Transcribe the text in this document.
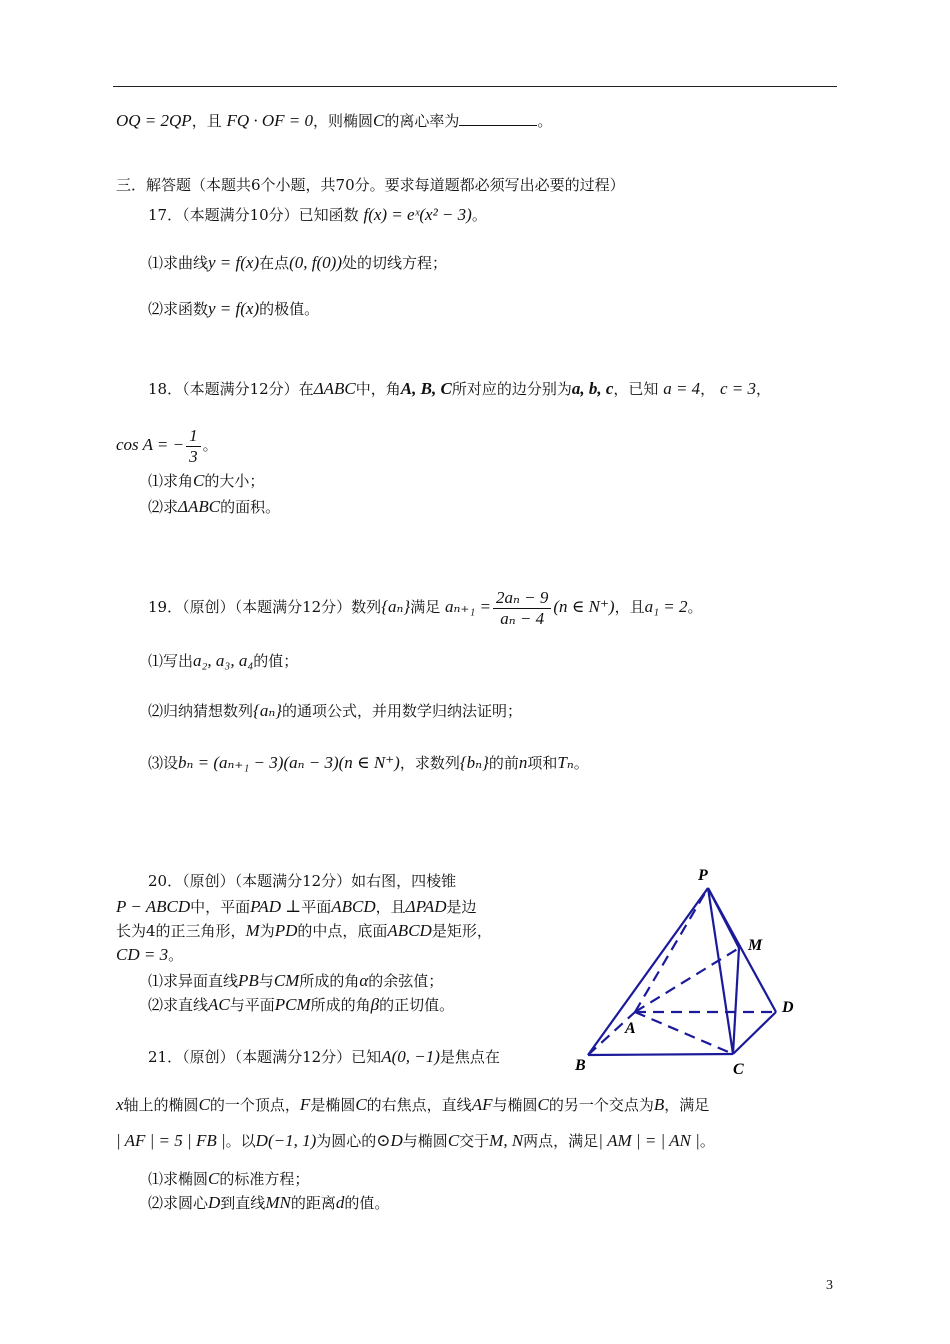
OQ = 2QP，且 FQ · OF = 0，则椭圆C的离心率为	。
三．解答题（本题共6个小题，共70分。要求每道题都必须写出必要的过程）
17．（本题满分10分）已知函数 f(x) = eˣ(x² − 3)。
⑴求曲线y = f(x)在点(0, f(0))处的切线方程；
⑵求函数y = f(x)的极值。
18．（本题满分12分）在ΔABC中，角A, B, C所对应的边分别为a, b, c，已知 a = 4， c = 3，
cos A = − $\frac{1}{3}$ 。
⑴求角C的大小；
⑵求ΔABC的面积。
19．（原创）（本题满分12分）数列{aₙ}满足 $a_{n+1} = \frac{\text{2aₙ − 9}}{\text{aₙ − 4}} (n$ ∈ N⁺)，且a₁ = 2。
⑴写出a₂, a₃, a₄的值；
⑵归纳猜想数列{aₙ}的通项公式，并用数学归纳法证明；
⑶设bₙ = (aₙ₊₁ − 3)(aₙ − 3)(n ∈ N⁺)，求数列{bₙ}的前n项和Tₙ。
20．（原创）（本题满分12分）如右图，四棱锥
P − ABCD中，平面PAD ⊥平面ABCD，且ΔPAD是边
长为4的正三角形，M为PD的中点，底面ABCD是矩形，
CD = 3。
⑴求异面直线PB与CM所成的角α的余弦值；
⑵求直线AC与平面PCM所成的角β的正切值。
P
M
D
A
B	C
21．（原创）（本题满分12分）已知A(0, −1)是焦点在
x轴上的椭圆C的一个顶点，F是椭圆C的右焦点，直线AF与椭圆C的另一个交点为B，满足
| AF | = 5 | FB |。以D(−1, 1)为圆心的⊙D与椭圆C交于M, N两点，满足| AM | = | AN |。
⑴求椭圆C的标准方程；
⑵求圆心D到直线MN的距离d的值。
3
